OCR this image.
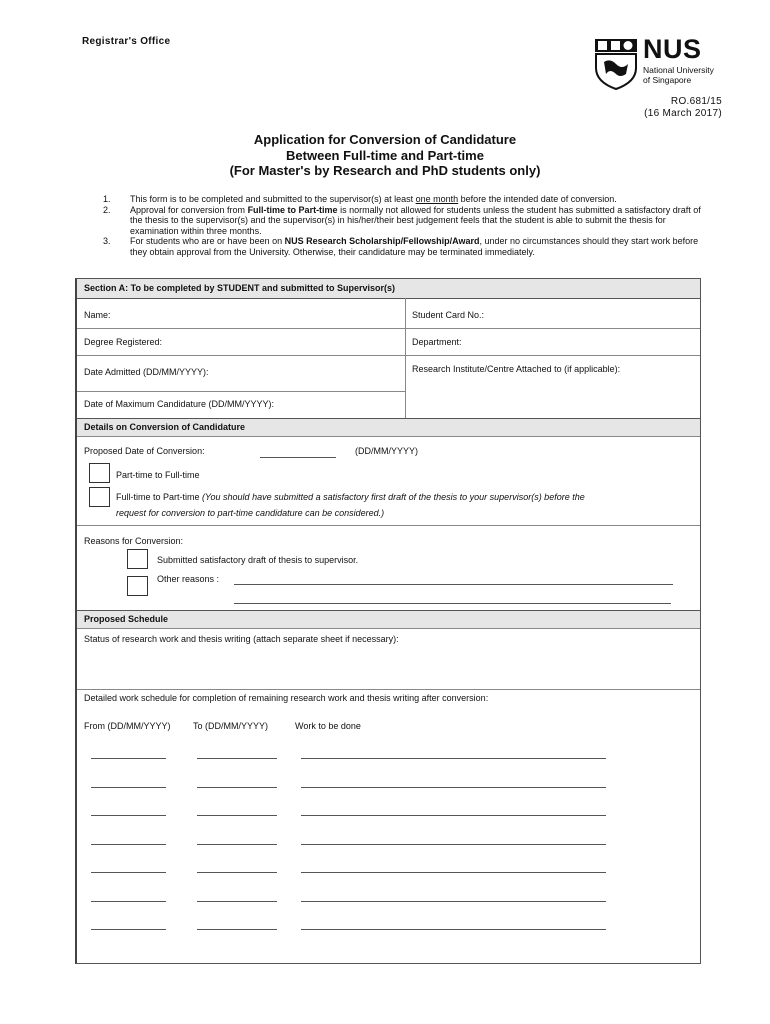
Registrar's Office	NUS
National University
of Singapore
RO.681/15
(16 March 2017)
Application for Conversion of Candidature
Between Full-time and Part-time
(For Master's by Research and PhD students only)
1.	This form is to be completed and submitted to the supervisor(s) at least one month before the intended date of conversion.
2.	Approval for conversion from Full-time to Part-time is normally not allowed for students unless the student has submitted a satisfactory draft of the thesis to the supervisor(s) and the supervisor(s) in his/her/their best judgement feels that the student is able to submit the thesis for examination within three months.
3.	For students who are or have been on NUS Research Scholarship/Fellowship/Award, under no circumstances should they start work before they obtain approval from the University. Otherwise, their candidature may be terminated immediately.
Section A: To be completed by STUDENT and submitted to Supervisor(s)
Name:	Student Card No.:
Degree Registered:	Department:
Date Admitted (DD/MM/YYYY):	Research Institute/Centre Attached to (if applicable):
Date of Maximum Candidature (DD/MM/YYYY):
Details on Conversion of Candidature
Proposed Date of Conversion:	(DD/MM/YYYY)
Part-time to Full-time
Full-time to Part-time (You should have submitted a satisfactory first draft of the thesis to your supervisor(s) before the
request for conversion to part-time candidature can be considered.)
Reasons for Conversion:
Submitted satisfactory draft of thesis to supervisor.
Other reasons :
Proposed Schedule
Status of research work and thesis writing (attach separate sheet if necessary):
Detailed work schedule for completion of remaining research work and thesis writing after conversion:
From (DD/MM/YYYY)	To (DD/MM/YYYY)	Work to be done
